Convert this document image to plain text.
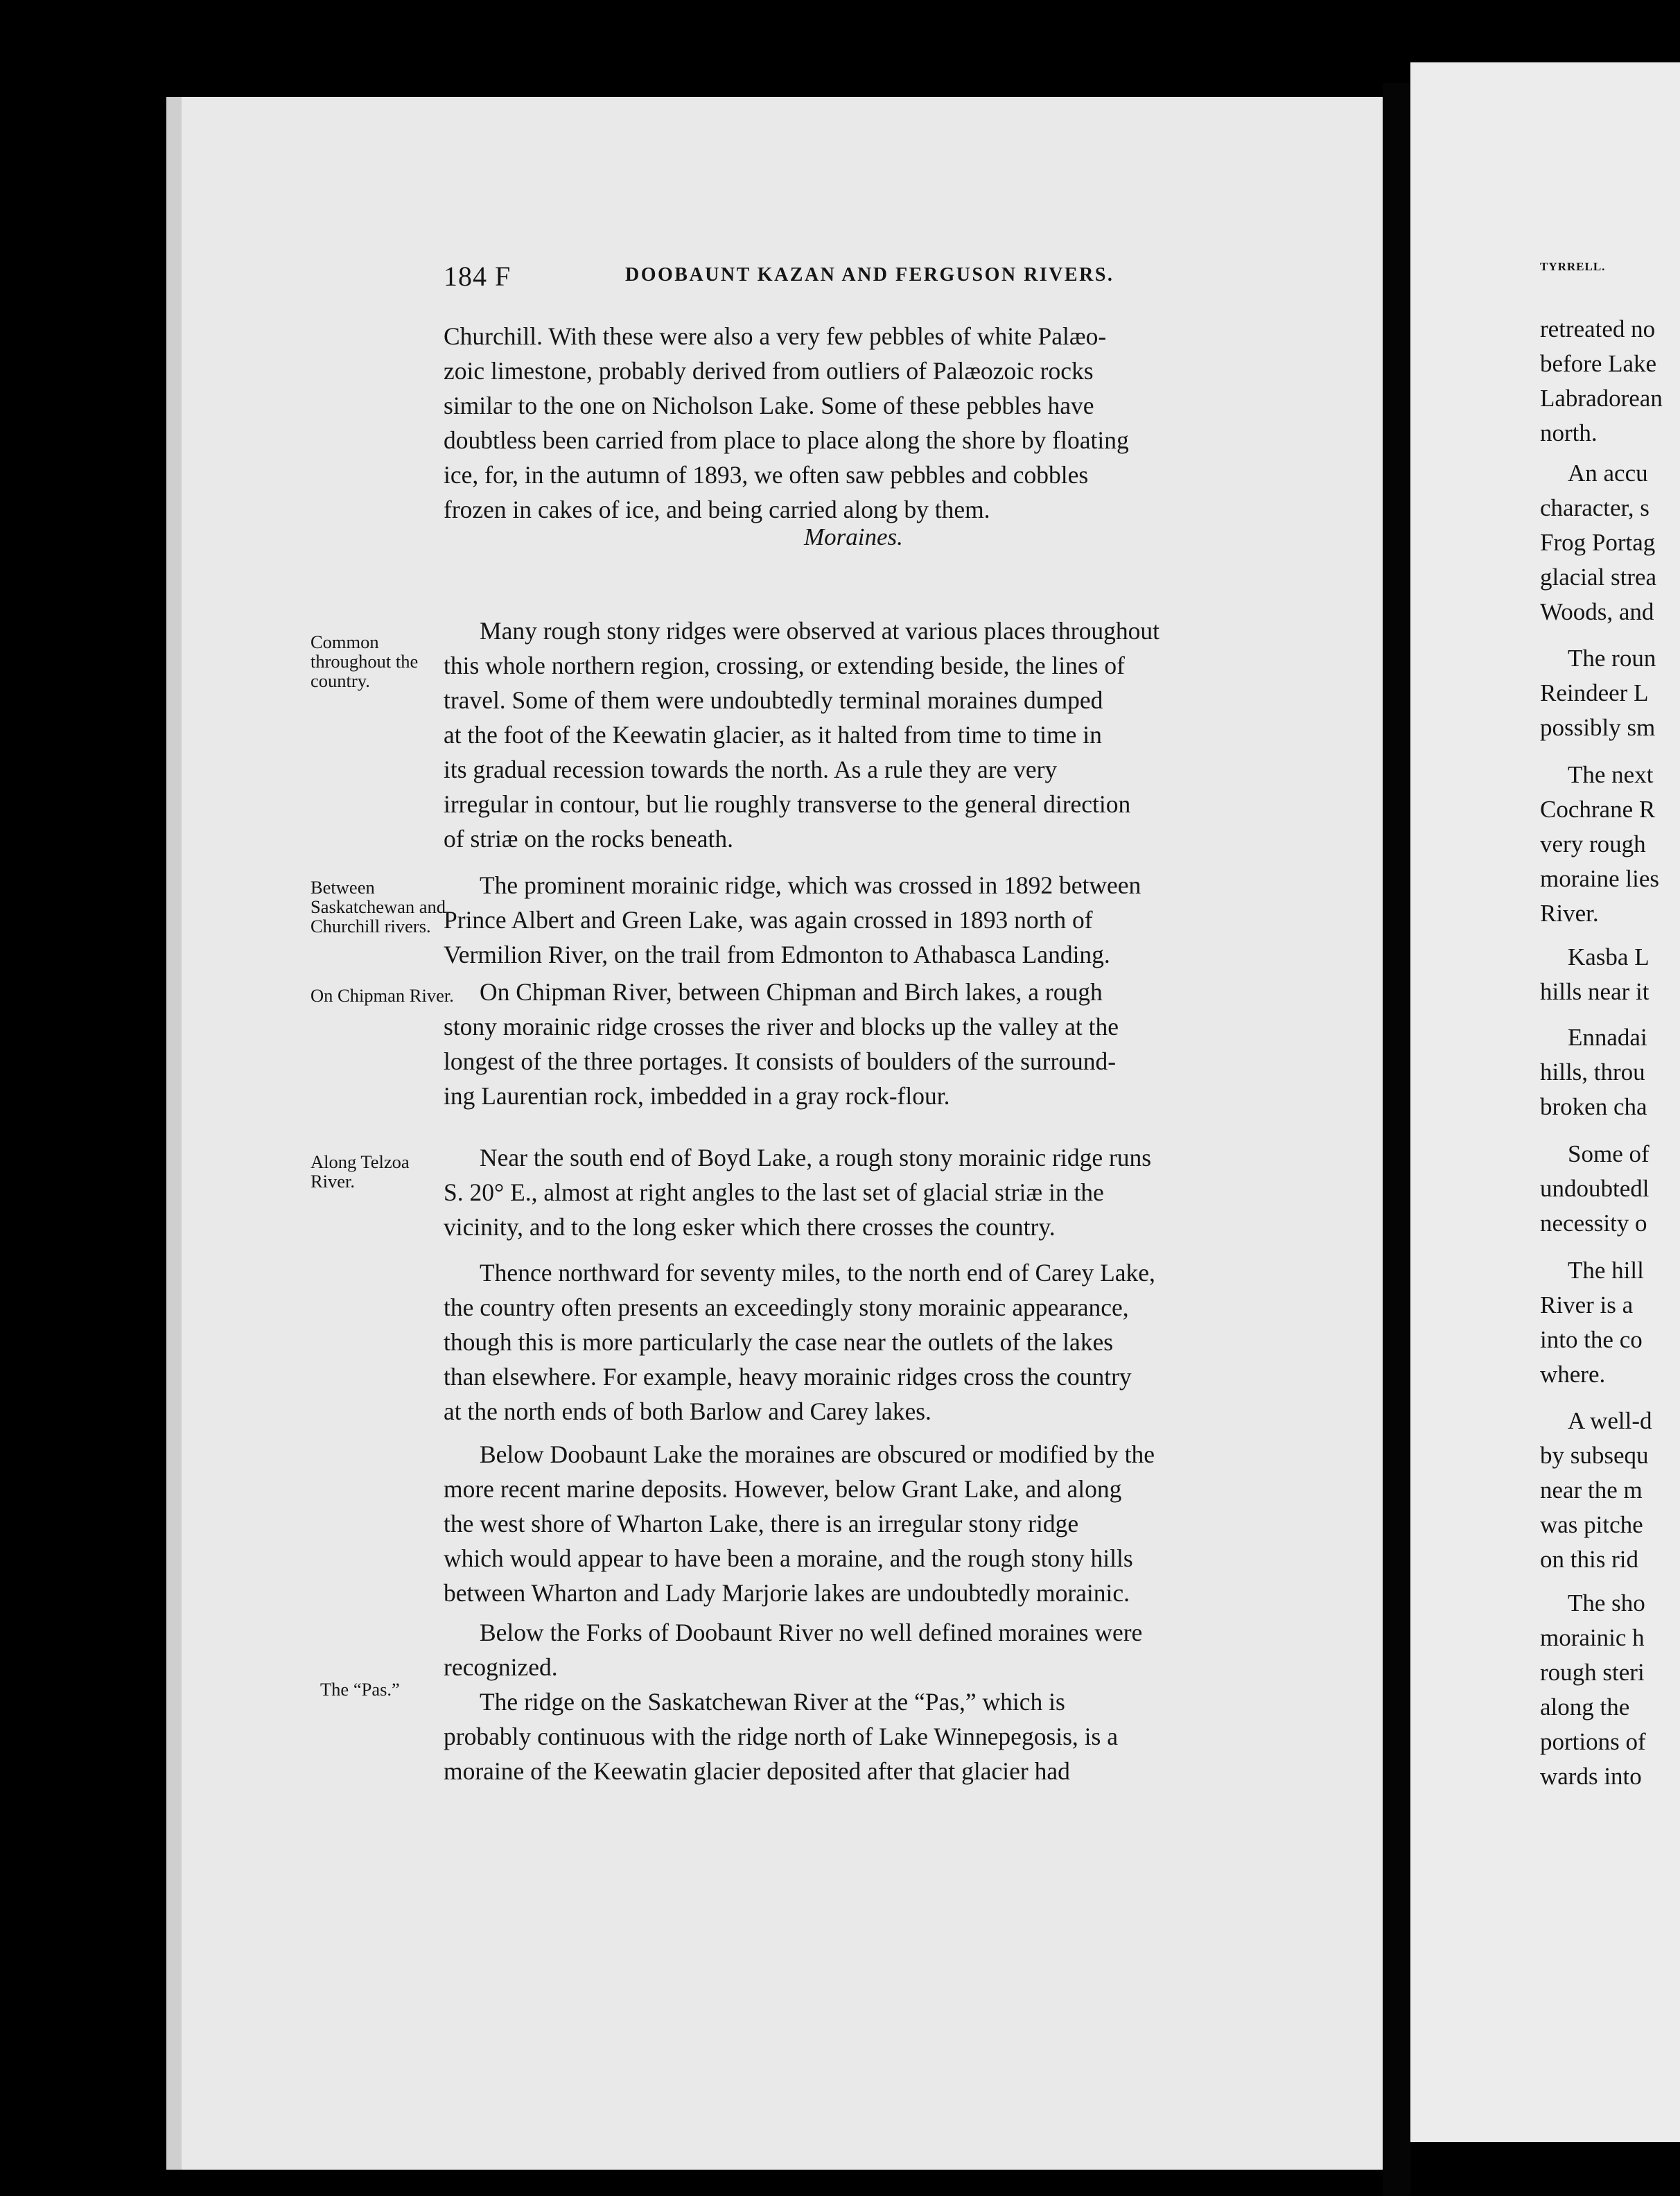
184 F	DOOBAUNT KAZAN AND FERGUSON RIVERS.

Churchill. With these were also a very few pebbles of white Palæo-

zoic limestone, probably derived from outliers of Palæozoic rocks

similar to the one on Nicholson Lake. Some of these pebbles have

doubtless been carried from place to place along the shore by floating

ice, for, in the autumn of 1893, we often saw pebbles and cobbles

frozen in cakes of ice, and being carried along by them.

Moraines.
Common throughout the country.
Between Saskatchewan and Churchill rivers.
On Chipman River.
Along Telzoa River.
The “Pas.”

Many rough stony ridges were observed at various places throughout

this whole northern region, crossing, or extending beside, the lines of

travel. Some of them were undoubtedly terminal moraines dumped

at the foot of the Keewatin glacier, as it halted from time to time in

its gradual recession towards the north. As a rule they are very

irregular in contour, but lie roughly transverse to the general direction

of striæ on the rocks beneath.

The prominent morainic ridge, which was crossed in 1892 between

Prince Albert and Green Lake, was again crossed in 1893 north of

Vermilion River, on the trail from Edmonton to Athabasca Landing.

On Chipman River, between Chipman and Birch lakes, a rough

stony morainic ridge crosses the river and blocks up the valley at the

longest of the three portages. It consists of boulders of the surround-

ing Laurentian rock, imbedded in a gray rock-flour.

Near the south end of Boyd Lake, a rough stony morainic ridge runs

S. 20° E., almost at right angles to the last set of glacial striæ in the

vicinity, and to the long esker which there crosses the country.

Thence northward for seventy miles, to the north end of Carey Lake,

the country often presents an exceedingly stony morainic appearance,

though this is more particularly the case near the outlets of the lakes

than elsewhere. For example, heavy morainic ridges cross the country

at the north ends of both Barlow and Carey lakes.

Below Doobaunt Lake the moraines are obscured or modified by the

more recent marine deposits. However, below Grant Lake, and along

the west shore of Wharton Lake, there is an irregular stony ridge

which would appear to have been a moraine, and the rough stony hills

between Wharton and Lady Marjorie lakes are undoubtedly morainic.

Below the Forks of Doobaunt River no well defined moraines were

recognized.

The ridge on the Saskatchewan River at the “Pas,” which is

probably continuous with the ridge north of Lake Winnepegosis, is a

moraine of the Keewatin glacier deposited after that glacier had

TYRRELL.

retreated no

before Lake

Labradorean

north.

An accu

character, s

Frog Portag

glacial strea

Woods, and

The roun

Reindeer L

possibly sm

The next

Cochrane R

very rough

moraine lies

River.

Kasba L

hills near it

Ennadai

hills, throu

broken cha

Some of

undoubtedl

necessity o

The hill

River is a

into the co

where.

A well-d

by subsequ

near the m

was pitche

on this rid

The sho

morainic h

rough steri

along the

portions of

wards into
